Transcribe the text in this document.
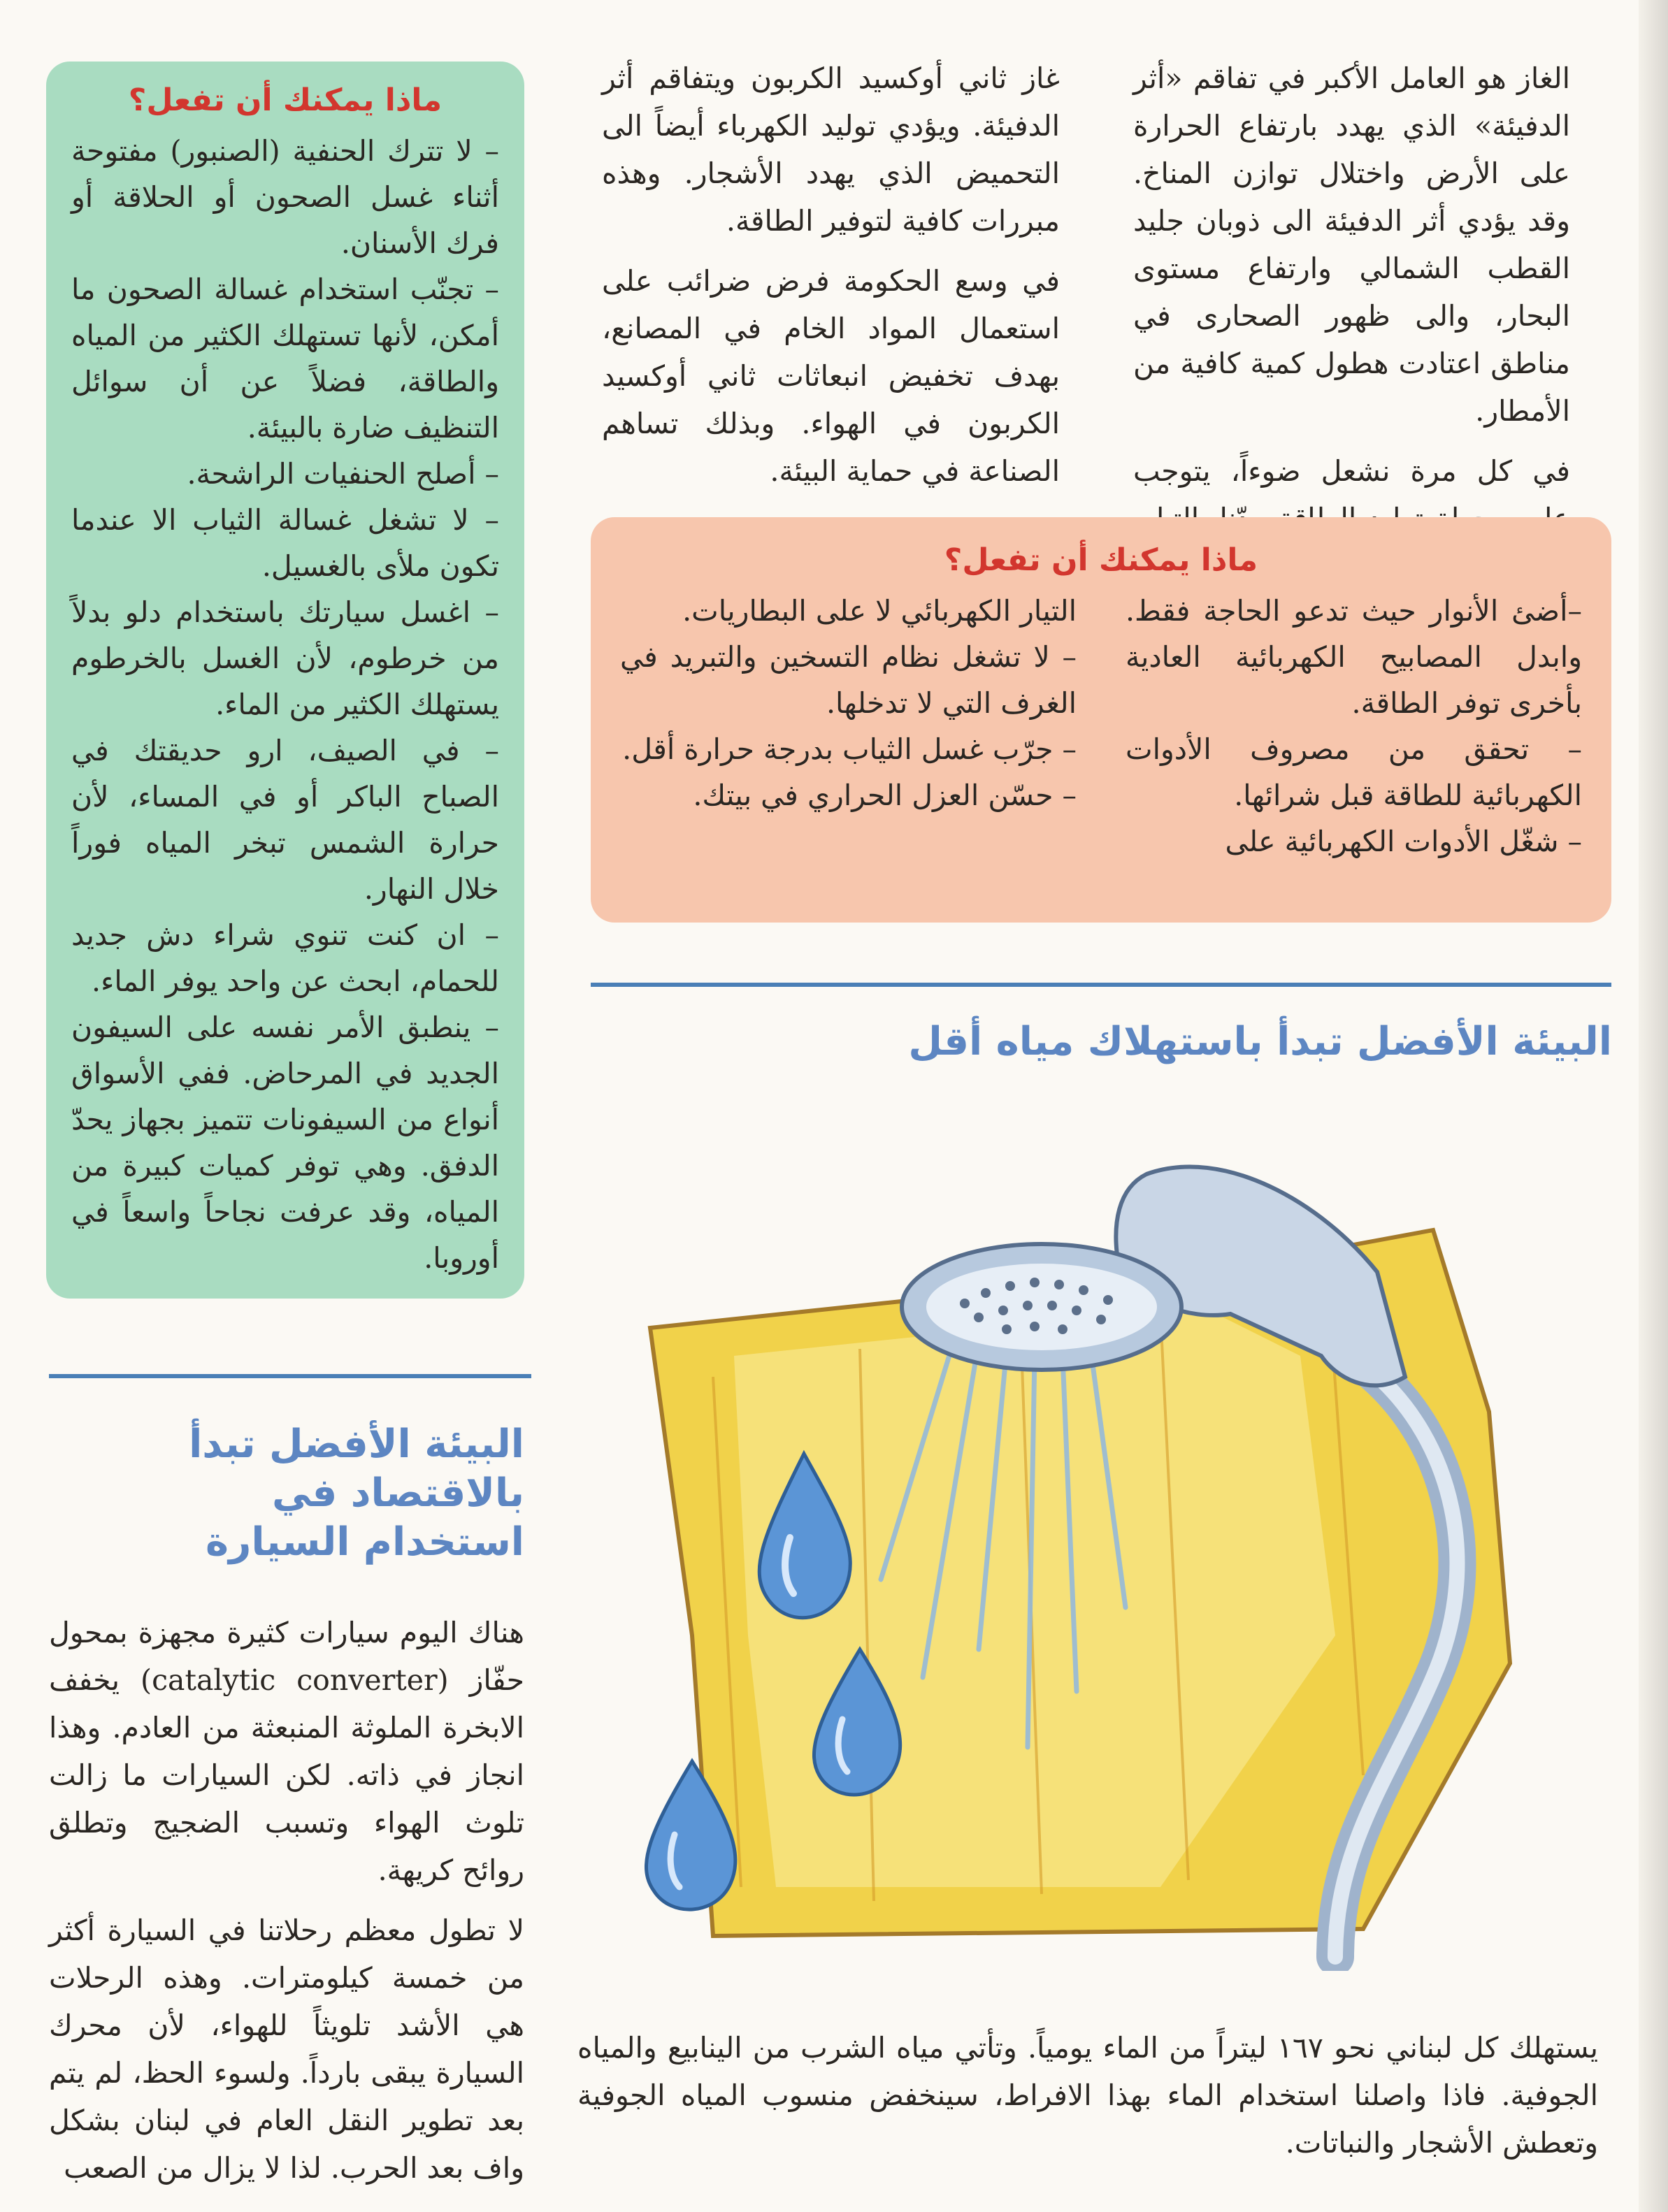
الغاز هو العامل الأكبر في تفاقم «أثر الدفيئة» الذي يهدد بارتفاع الحرارة على الأرض واختلال توازن المناخ. وقد يؤدي أثر الدفيئة الى ذوبان جليد القطب الشمالي وارتفاع مستوى البحار، والى ظهور الصحارى في مناطق اعتادت هطول كمية كافية من الأمطار.

في كل مرة نشعل ضوءاً، يتوجب

غاز ثاني أوكسيد الكربون ويتفاقم أثر الدفيئة. ويؤدي توليد الكهرباء أيضاً الى التحميض الذي يهدد الأشجار. وهذه مبررات كافية لتوفير الطاقة.

في وسع الحكومة فرض ضرائب على استعمال المواد الخام في المصانع، بهدف تخفيض انبعاثات ثاني أوكسيد الكربون في الهواء. وبذلك تساهم الصناعة في حماية البيئة.

ماذا يمكنك أن تفعل؟

– لا تترك الحنفية (الصنبور) مفتوحة أثناء غسل الصحون أو الحلاقة أو فرك الأسنان.

– تجنّب استخدام غسالة الصحون ما أمكن، لأنها تستهلك الكثير من المياه والطاقة، فضلاً عن أن سوائل التنظيف ضارة بالبيئة.

– أصلح الحنفيات الراشحة.

– لا تشغل غسالة الثياب الا عندما تكون ملأى بالغسيل.

– اغسل سيارتك باستخدام دلو بدلاً من خرطوم، لأن الغسل بالخرطوم يستهلك الكثير من الماء.

– في الصيف، ارو حديقتك في الصباح الباكر أو في المساء، لأن حرارة الشمس تبخر المياه فوراً خلال النهار.

– ان كنت تنوي شراء دش جديد للحمام، ابحث عن واحد يوفر الماء.

– ينطبق الأمر نفسه على السيفون الجديد في المرحاض. ففي الأسواق أنواع من السيفونات تتميز بجهاز يحدّ الدفق. وهي توفر كميات كبيرة من المياه، وقد عرفت نجاحاً واسعاً في أوروبا.

ماذا يمكنك أن تفعل؟

–أضئ الأنوار حيث تدعو الحاجة فقط. وابدل المصابيح الكهربائية العادية بأخرى توفر الطاقة.

– تحقق من مصروف الأدوات الكهربائية للطاقة قبل شرائها.

– شغّل الأدوات الكهربائية على

التيار الكهربائي لا على البطاريات.

– لا تشغل نظام التسخين والتبريد في الغرف التي لا تدخلها.

– جرّب غسل الثياب بدرجة حرارة أقل.

– حسّن العزل الحراري في بيتك.

البيئة الأفضل تبدأ باستهلاك مياه أقل

يستهلك كل لبناني نحو ١٦٧ ليتراً من الماء يومياً. وتأتي مياه الشرب من الينابيع والمياه الجوفية. فاذا واصلنا استخدام الماء بهذا الافراط، سينخفض منسوب المياه الجوفية وتعطش الأشجار والنباتات.

البيئة الأفضل تبدأ
بالاقتصاد في
استخدام السيارة

هناك اليوم سيارات كثيرة مجهزة بمحول حفّاز (catalytic converter) يخفف الابخرة الملوثة المنبعثة من العادم. وهذا انجاز في ذاته. لكن السيارات ما زالت تلوث الهواء وتسبب الضجيج وتطلق روائح كريهة.

لا تطول معظم رحلاتنا في السيارة أكثر من خمسة كيلومترات. وهذه الرحلات هي الأشد تلويثاً للهواء، لأن محرك السيارة يبقى بارداً. ولسوء الحظ، لم يتم بعد تطوير النقل العام في لبنان بشكل واف بعد الحرب. لذا لا يزال من الصعب
